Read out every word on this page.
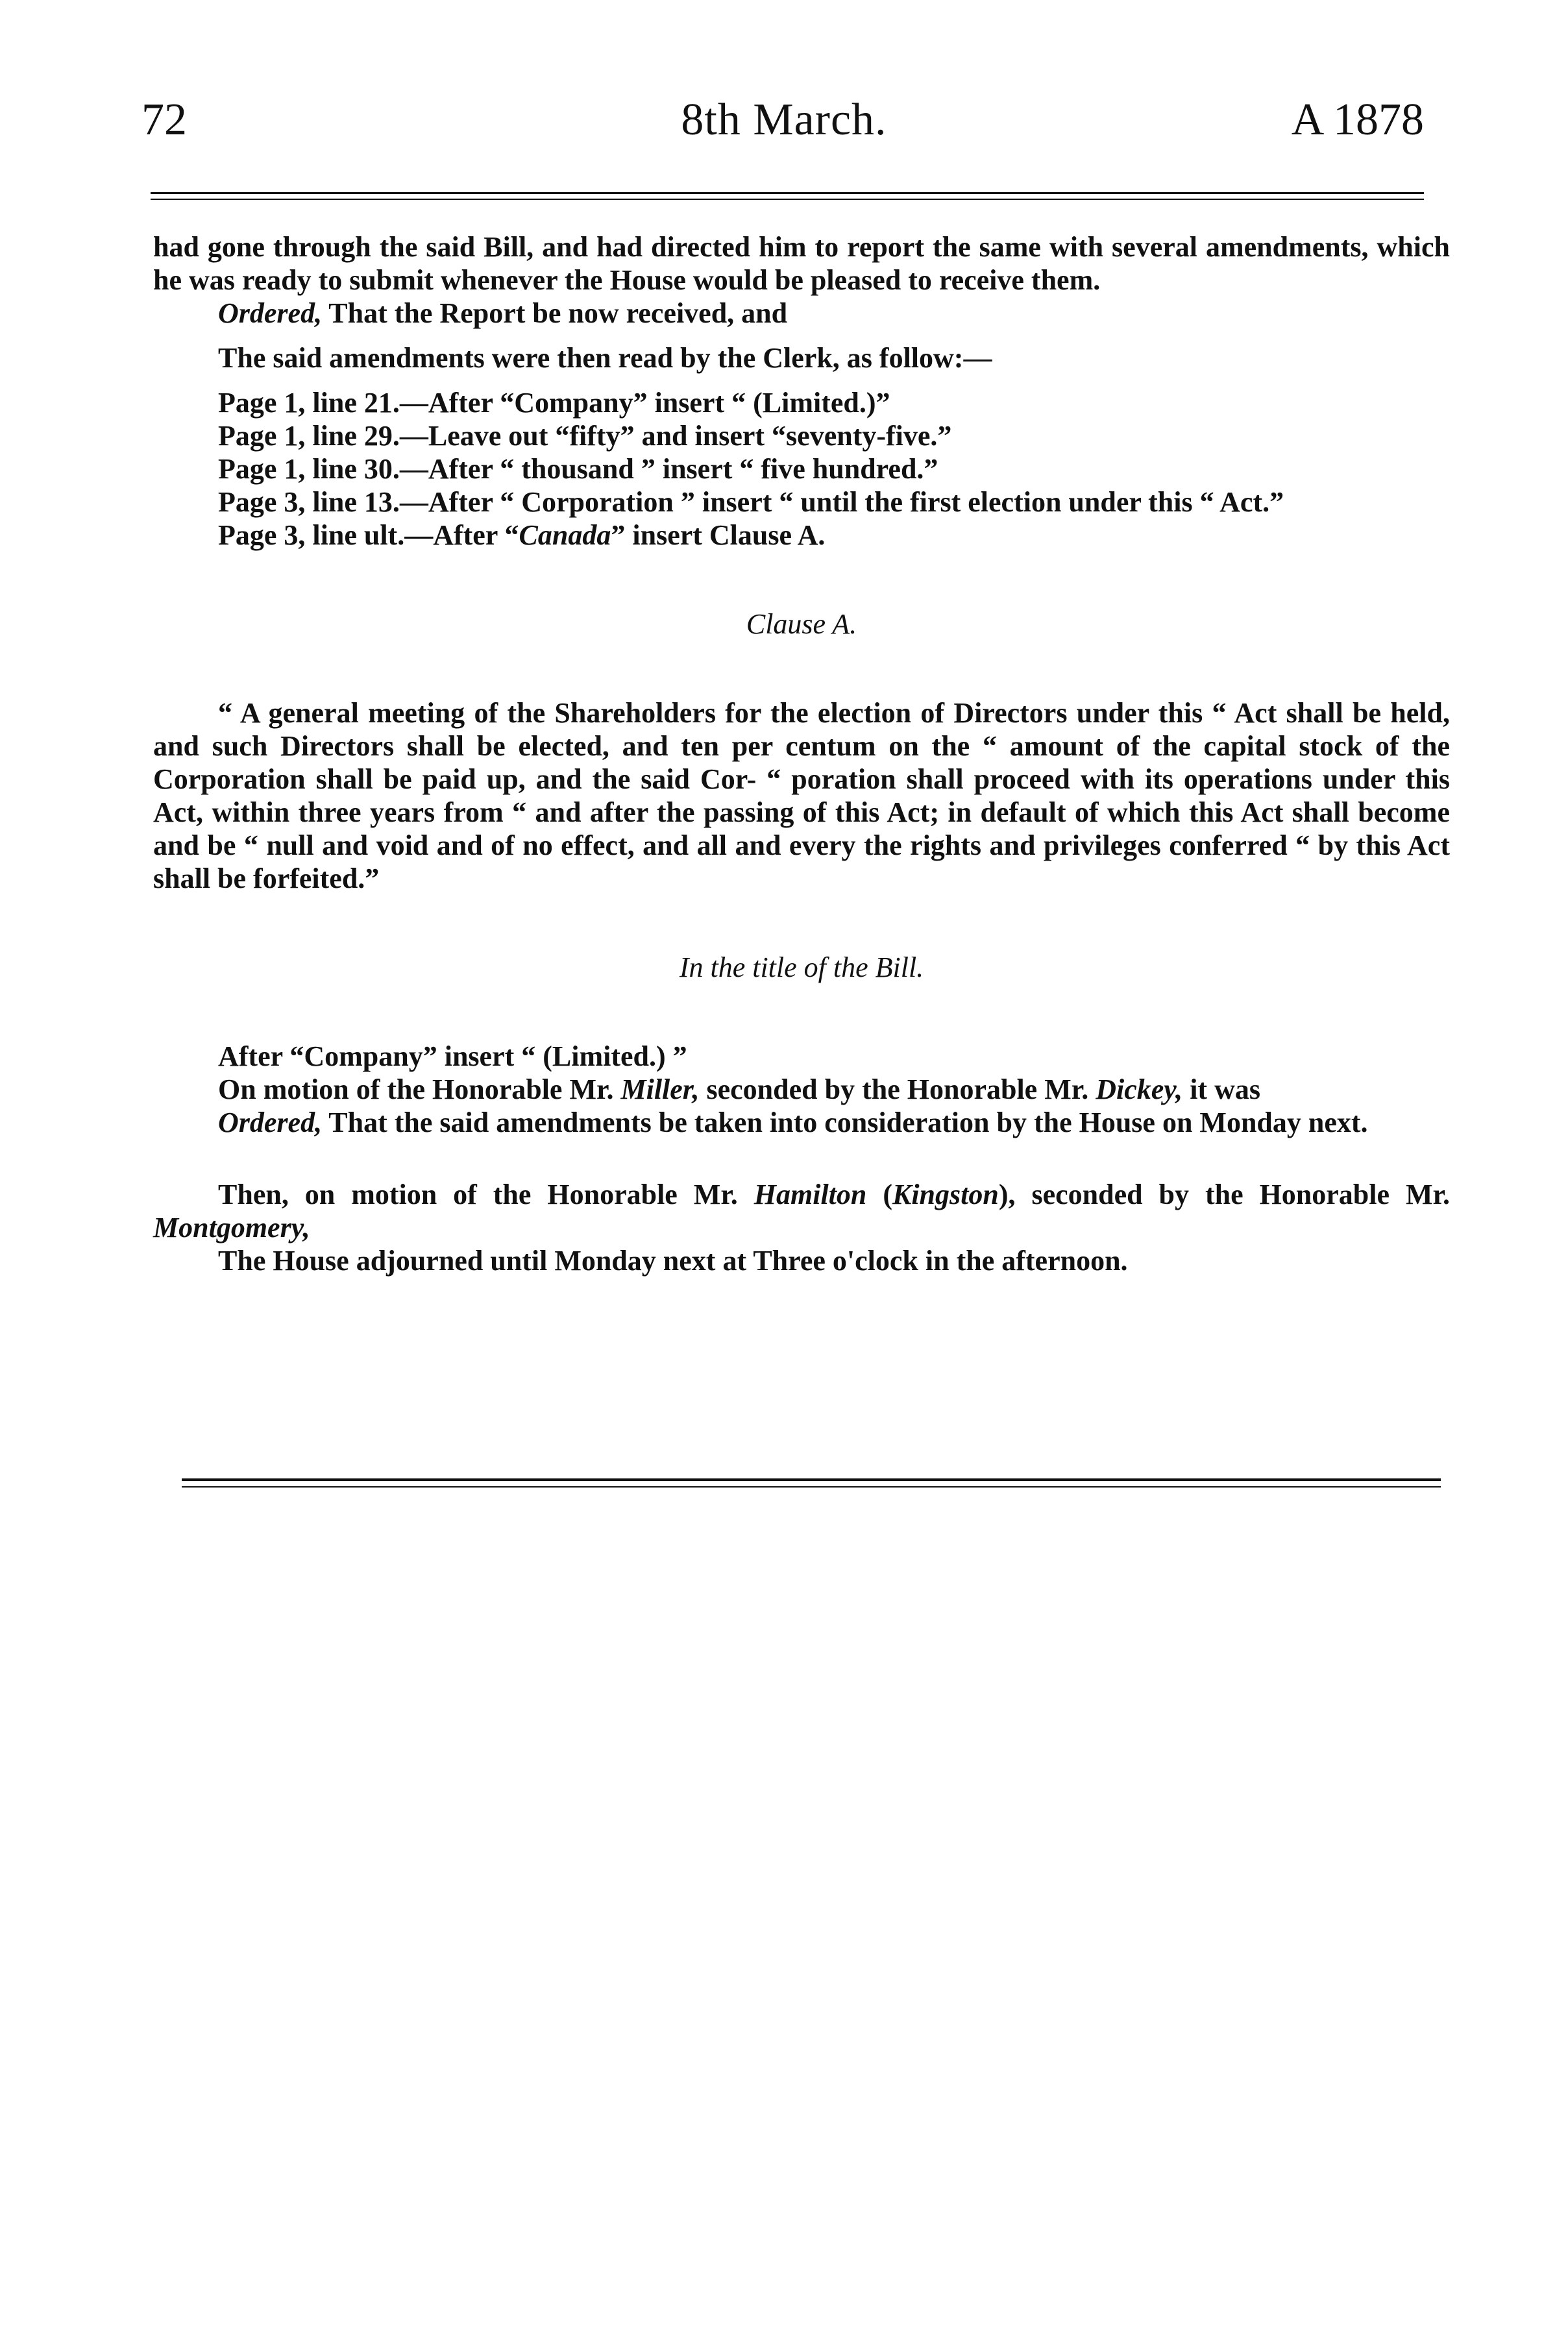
72	8th March.	A 1878

had gone through the said Bill, and had directed him to report the same with several amendments, which he was ready to submit whenever the House would be pleased to receive them.

Ordered, That the Report be now received, and

The said amendments were then read by the Clerk, as follow:—

Page 1, line 21.—After “Company” insert “ (Limited.)”

Page 1, line 29.—Leave out “fifty” and insert “seventy-five.”

Page 1, line 30.—After “ thousand ” insert “ five hundred.”

Page 3, line 13.—After “ Corporation ” insert “ until the first election under this “ Act.”

Page 3, line ult.—After “Canada” insert Clause A.

Clause A.

“ A general meeting of the Shareholders for the election of Directors under this “ Act shall be held, and such Directors shall be elected, and ten per centum on the “ amount of the capital stock of the Corporation shall be paid up, and the said Cor- “ poration shall proceed with its operations under this Act, within three years from “ and after the passing of this Act; in default of which this Act shall become and be “ null and void and of no effect, and all and every the rights and privileges conferred “ by this Act shall be forfeited.”

In the title of the Bill.

After “Company” insert “ (Limited.) ”

On motion of the Honorable Mr. Miller, seconded by the Honorable Mr. Dickey, it was

Ordered, That the said amendments be taken into consideration by the House on Monday next.

Then, on motion of the Honorable Mr. Hamilton (Kingston), seconded by the Honorable Mr. Montgomery,

The House adjourned until Monday next at Three o'clock in the afternoon.
